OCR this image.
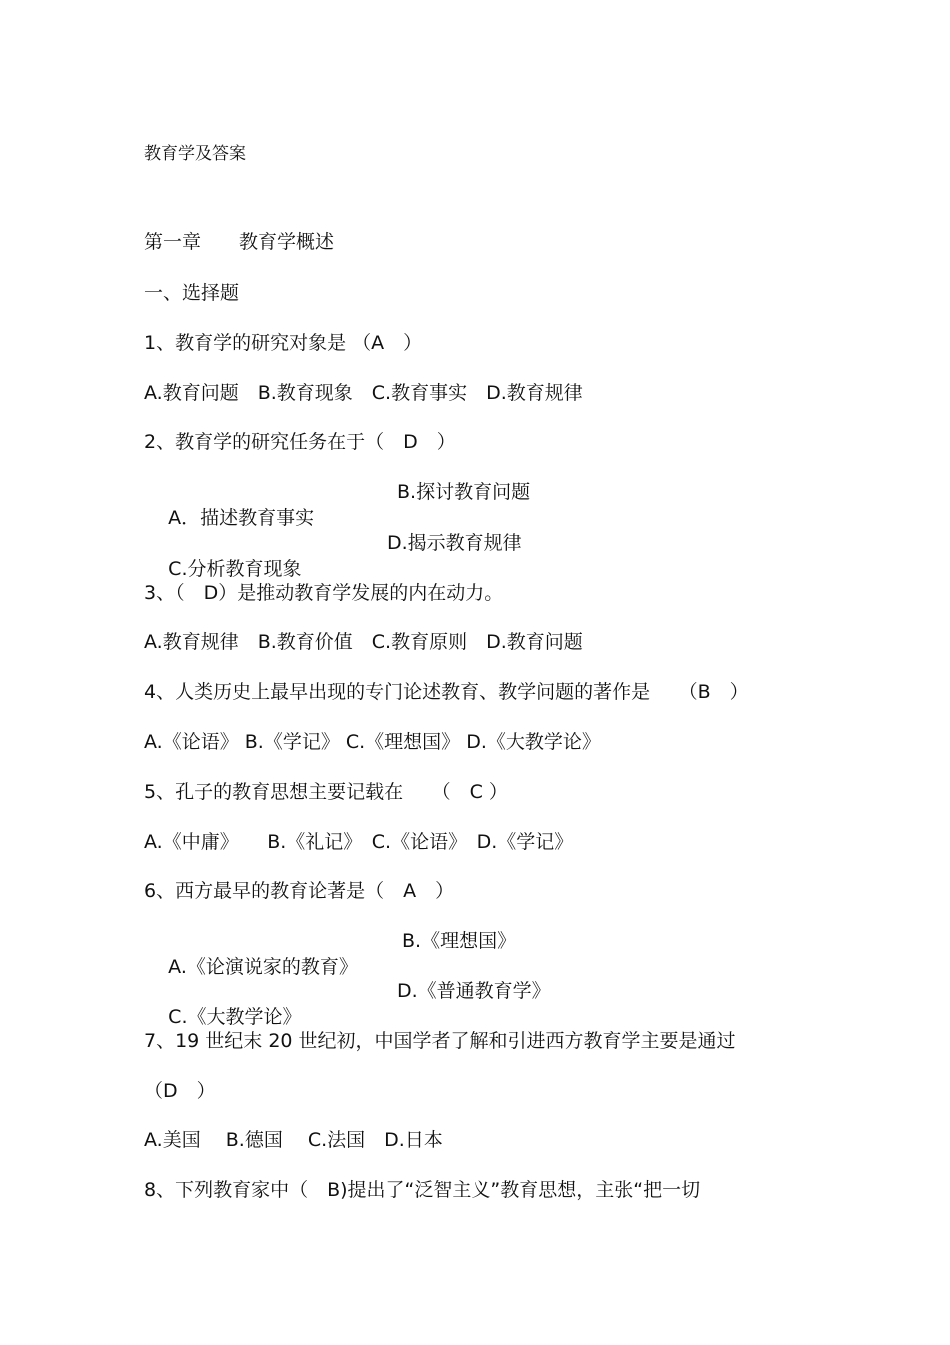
教育学及答案
第一章　　教育学概述
一、选择题
1、教育学的研究对象是 （A　）
A.教育问题　B.教育现象　C.教育事实　D.教育规律
2、教育学的研究任务在于（　D　）

A．描述教育事实

B.探讨教育问题

C.分析教育现象

D.揭示教育规律

3、（　D）是推动教育学发展的内在动力。
A.教育规律　B.教育价值　C.教育原则　D.教育问题
4、人类历史上最早出现的专门论述教育、教学问题的著作是　　（B　）
A.《论语》 B.《学记》 C.《理想国》 D.《大教学论》
5、孔子的教育思想主要记载在　　（　C ）
A.《中庸》　　B.《礼记》　C.《论语》　D.《学记》
6、西方最早的教育论著是（　A　）

A.《论演说家的教育》

B.《理想国》

C.《大教学论》

D.《普通教育学》

7、19 世纪末 20 世纪初，中国学者了解和引进西方教育学主要是通过
（D　）
A.美国　 B.德国　 C.法国　D.日本
8、下列教育家中（　B)提出了“泛智主义”教育思想，主张“把一切
